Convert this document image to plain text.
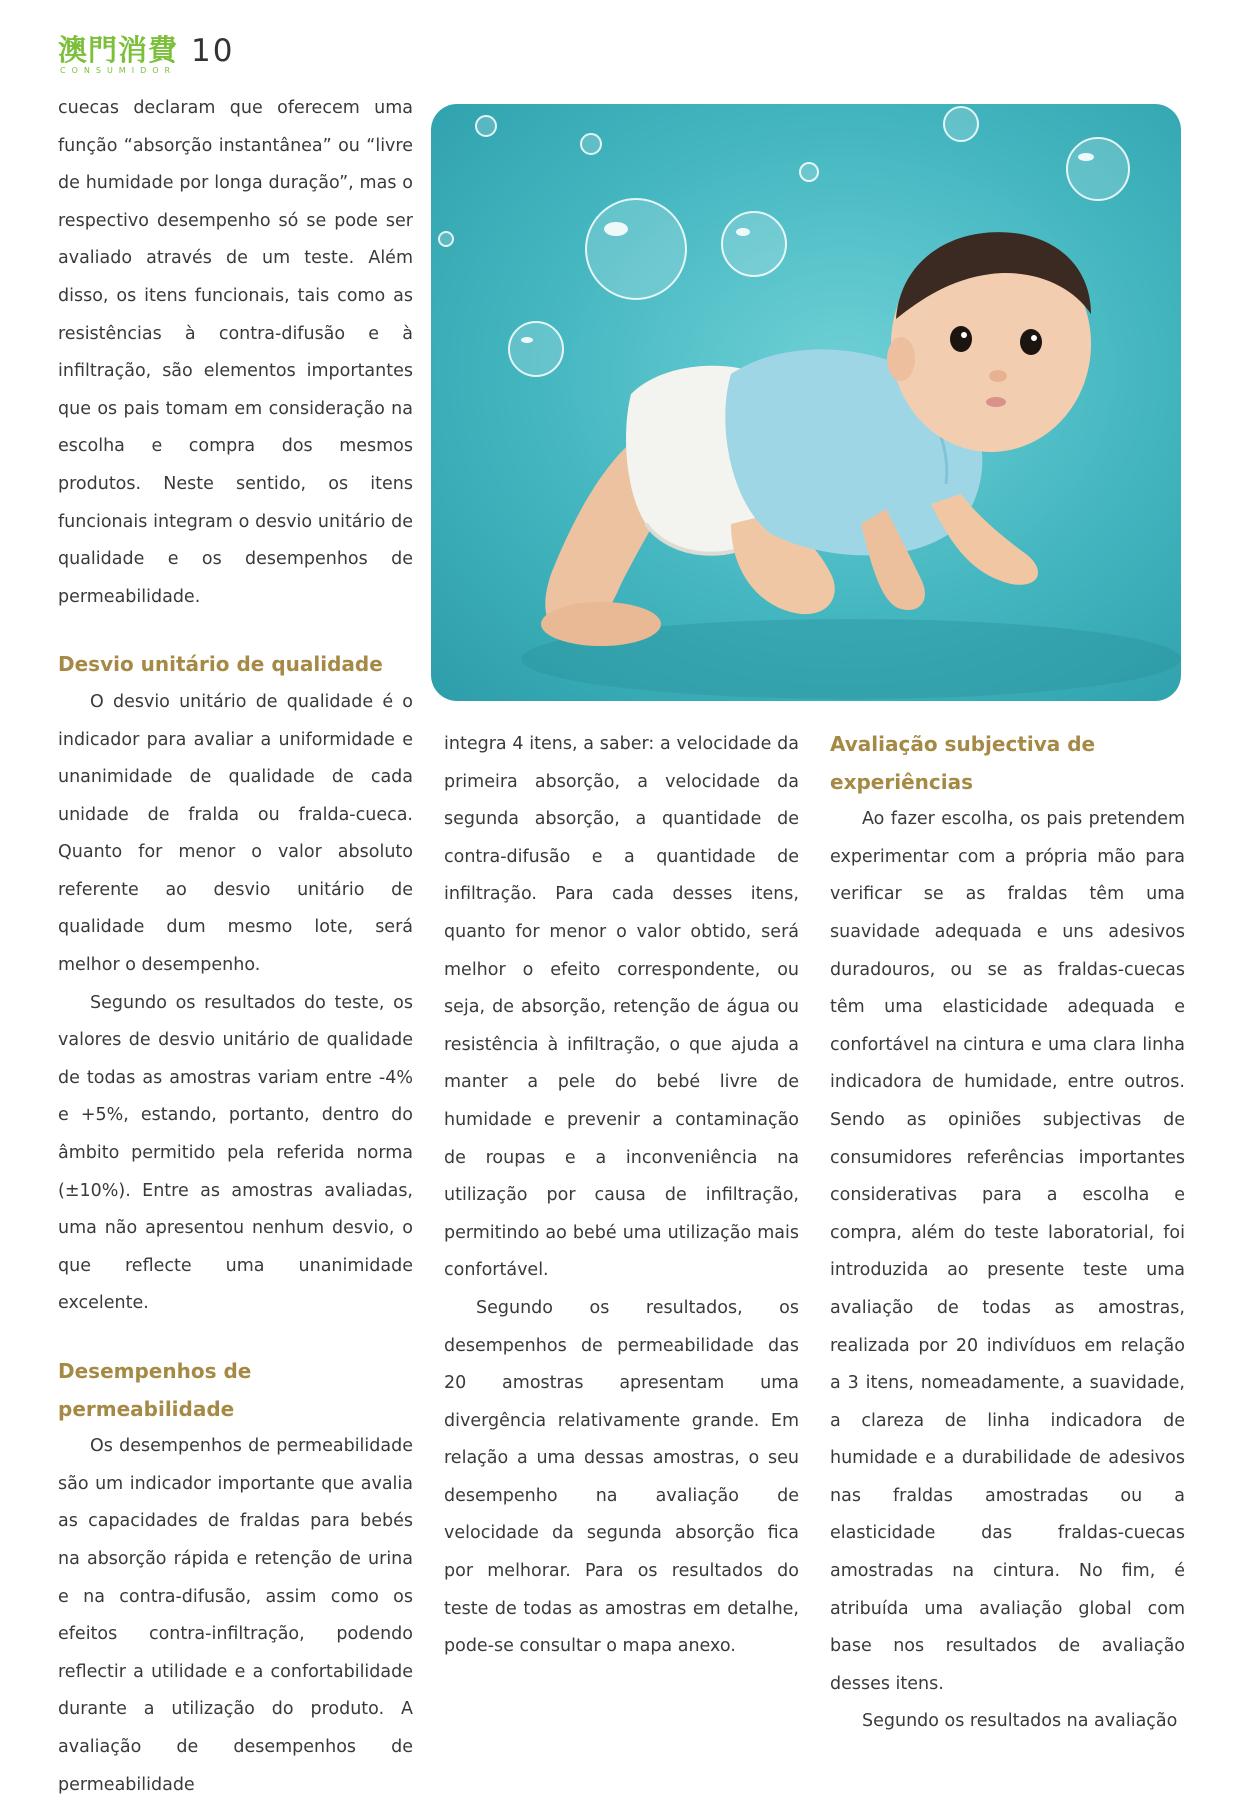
澳門消費
CONSUMIDOR
10

cuecas declaram que oferecem uma função “absorção instantânea” ou “livre de humidade por longa duração”, mas o respectivo desempenho só se pode ser avaliado através de um teste. Além disso, os itens funcionais, tais como as resistências à contra-difusão e à infiltração, são elementos importantes que os pais tomam em consideração na escolha e compra dos mesmos produtos. Neste sentido, os itens funcionais integram o desvio unitário de qualidade e os desempenhos de permeabilidade.

Desvio unitário de qualidade

O desvio unitário de qualidade é o indicador para avaliar a uniformidade e unanimidade de qualidade de cada unidade de fralda ou fralda-cueca. Quanto for menor o valor absoluto referente ao desvio unitário de qualidade dum mesmo lote, será melhor o desempenho.

Segundo os resultados do teste, os valores de desvio unitário de qualidade de todas as amostras variam entre -4% e +5%, estando, portanto, dentro do âmbito permitido pela referida norma (±10%). Entre as amostras avaliadas, uma não apresentou nenhum desvio, o que reflecte uma unanimidade excelente.

Desempenhos de permeabilidade

Os desempenhos de permeabilidade são um indicador importante que avalia as capacidades de fraldas para bebés na absorção rápida e retenção de urina e na contra-difusão, assim como os efeitos contra-infiltração, podendo reflectir a utilidade e a confortabilidade durante a utilização do produto. A avaliação de desempenhos de permeabilidade

integra 4 itens, a saber: a velocidade da primeira absorção, a velocidade da segunda absorção, a quantidade de contra-difusão e a quantidade de infiltração. Para cada desses itens, quanto for menor o valor obtido, será melhor o efeito correspondente, ou seja, de absorção, retenção de água ou resistência à infiltração, o que ajuda a manter a pele do bebé livre de humidade e prevenir a contaminação de roupas e a inconveniência na utilização por causa de infiltração, permitindo ao bebé uma utilização mais confortável.

Segundo os resultados, os desempenhos de permeabilidade das 20 amostras apresentam uma divergência relativamente grande. Em relação a uma dessas amostras, o seu desempenho na avaliação de velocidade da segunda absorção fica por melhorar. Para os resultados do teste de todas as amostras em detalhe, pode-se consultar o mapa anexo.

Avaliação subjectiva de experiências

Ao fazer escolha, os pais pretendem experimentar com a própria mão para verificar se as fraldas têm uma suavidade adequada e uns adesivos duradouros, ou se as fraldas-cuecas têm uma elasticidade adequada e confortável na cintura e uma clara linha indicadora de humidade, entre outros. Sendo as opiniões subjectivas de consumidores referências importantes considerativas para a escolha e compra, além do teste laboratorial, foi introduzida ao presente teste uma avaliação de todas as amostras, realizada por 20 indivíduos em relação a 3 itens, nomeadamente, a suavidade, a clareza de linha indicadora de humidade e a durabilidade de adesivos nas fraldas amostradas ou a elasticidade das fraldas-cuecas amostradas na cintura. No fim, é atribuída uma avaliação global com base nos resultados de avaliação desses itens.

Segundo os resultados na avaliação
